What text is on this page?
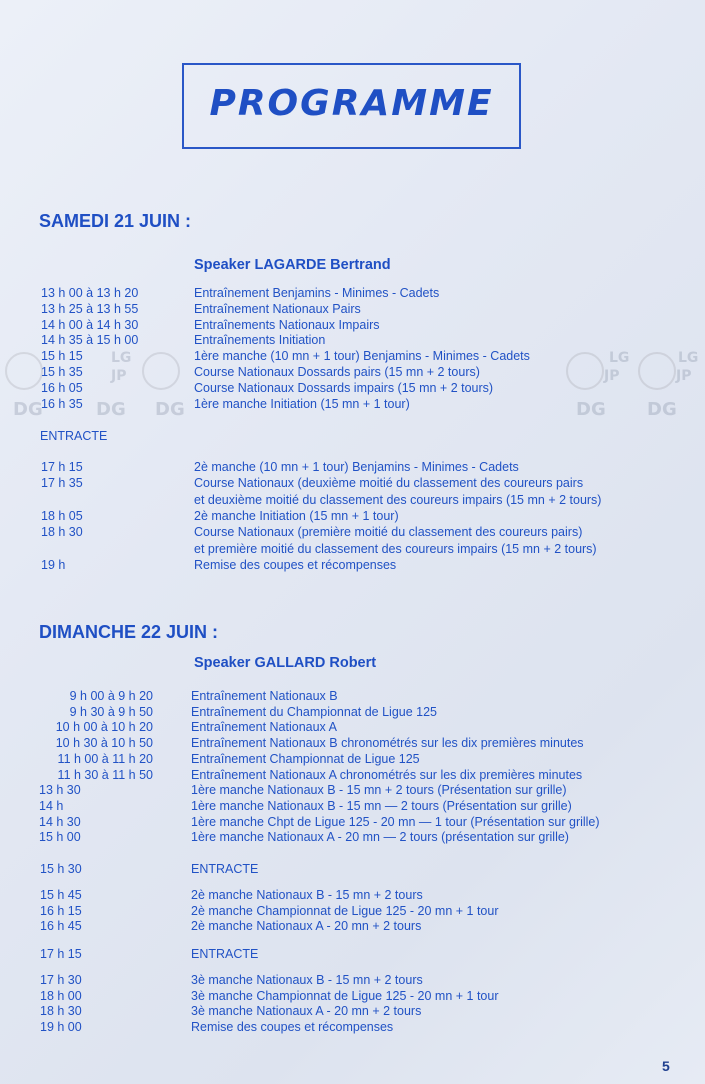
PROGRAMME
SAMEDI 21 JUIN :
Speaker LAGARDE Bertrand
13 h 00 à 13 h 20	Entraînement Benjamins - Minimes - Cadets
13 h 25 à 13 h 55	Entraînement Nationaux Pairs
14 h 00 à 14 h 30	Entraînements Nationaux Impairs
14 h 35 à 15 h 00	Entraînements Initiation
15 h 15	1ère manche (10 mn + 1 tour) Benjamins - Minimes - Cadets
15 h 35	Course Nationaux Dossards pairs (15 mn + 2 tours)
16 h 05	Course Nationaux Dossards impairs (15 mn + 2 tours)
16 h 35	1ère manche Initiation (15 mn + 1 tour)
ENTRACTE
17 h 15	2è manche (10 mn + 1 tour) Benjamins - Minimes - Cadets
17 h 35	Course Nationaux (deuxième moitié du classement des coureurs pairs
et deuxième moitié du classement des coureurs impairs (15 mn + 2 tours)
18 h 05	2è manche Initiation (15 mn + 1 tour)
18 h 30	Course Nationaux (première moitié du classement des coureurs pairs)
et première moitié du classement des coureurs impairs (15 mn + 2 tours)
19 h	Remise des coupes et récompenses
DIMANCHE 22 JUIN :
Speaker GALLARD Robert
9 h 00 à 9 h 20	Entraînement Nationaux B
9 h 30 à 9 h 50	Entraînement du Championnat de Ligue 125
10 h 00 à 10 h 20	Entraînement Nationaux A
10 h 30 à 10 h 50	Entraînement Nationaux B chronométrés sur les dix premières minutes
11 h 00 à 11 h 20	Entraînement Championnat de Ligue 125
11 h 30 à 11 h 50	Entraînement Nationaux A chronométrés sur les dix premières minutes
13 h 30	1ère manche Nationaux B - 15 mn + 2 tours (Présentation sur grille)
14 h	1ère manche Nationaux B - 15 mn — 2 tours (Présentation sur grille)
14 h 30	1ère manche Chpt de Ligue 125 - 20 mn — 1 tour (Présentation sur grille)
15 h 00	1ère manche Nationaux A - 20 mn — 2 tours (présentation sur grille)
15 h 30	ENTRACTE
15 h 45	2è manche Nationaux B - 15 mn + 2 tours
16 h 15	2è manche Championnat de Ligue 125 - 20 mn + 1 tour
16 h 45	2è manche Nationaux A - 20 mn + 2 tours
17 h 15	ENTRACTE
17 h 30	3è manche Nationaux B - 15 mn + 2 tours
18 h 00	3è manche Championnat de Ligue 125 - 20 mn + 1 tour
18 h 30	3è manche Nationaux A - 20 mn + 2 tours
19 h 00	Remise des coupes et récompenses
LG
JP
DG	DG DG
LG
JP
DG
LG
JP
DG
5
